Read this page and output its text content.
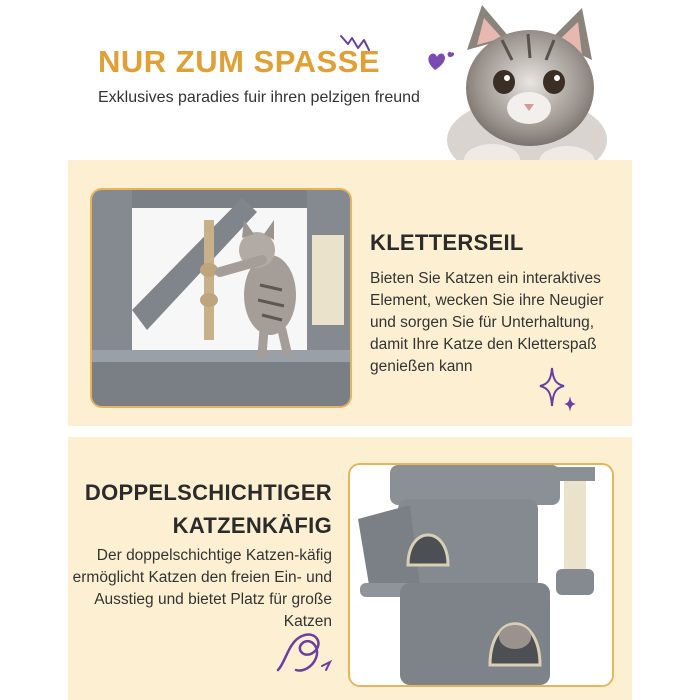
NUR ZUM SPASSE
Exklusives paradies fuir ihren pelzigen freund
KLETTERSEIL
Bieten Sie Katzen ein interaktives Element, wecken Sie ihre Neugier und sorgen Sie für Unterhaltung, damit Ihre Katze den Kletterspaß genießen kann
DOPPELSCHICHTIGER
KATZENKÄFIG
Der doppelschichtige Katzen-käfig ermöglicht Katzen den freien Ein- und Ausstieg und bietet Platz für große Katzen
